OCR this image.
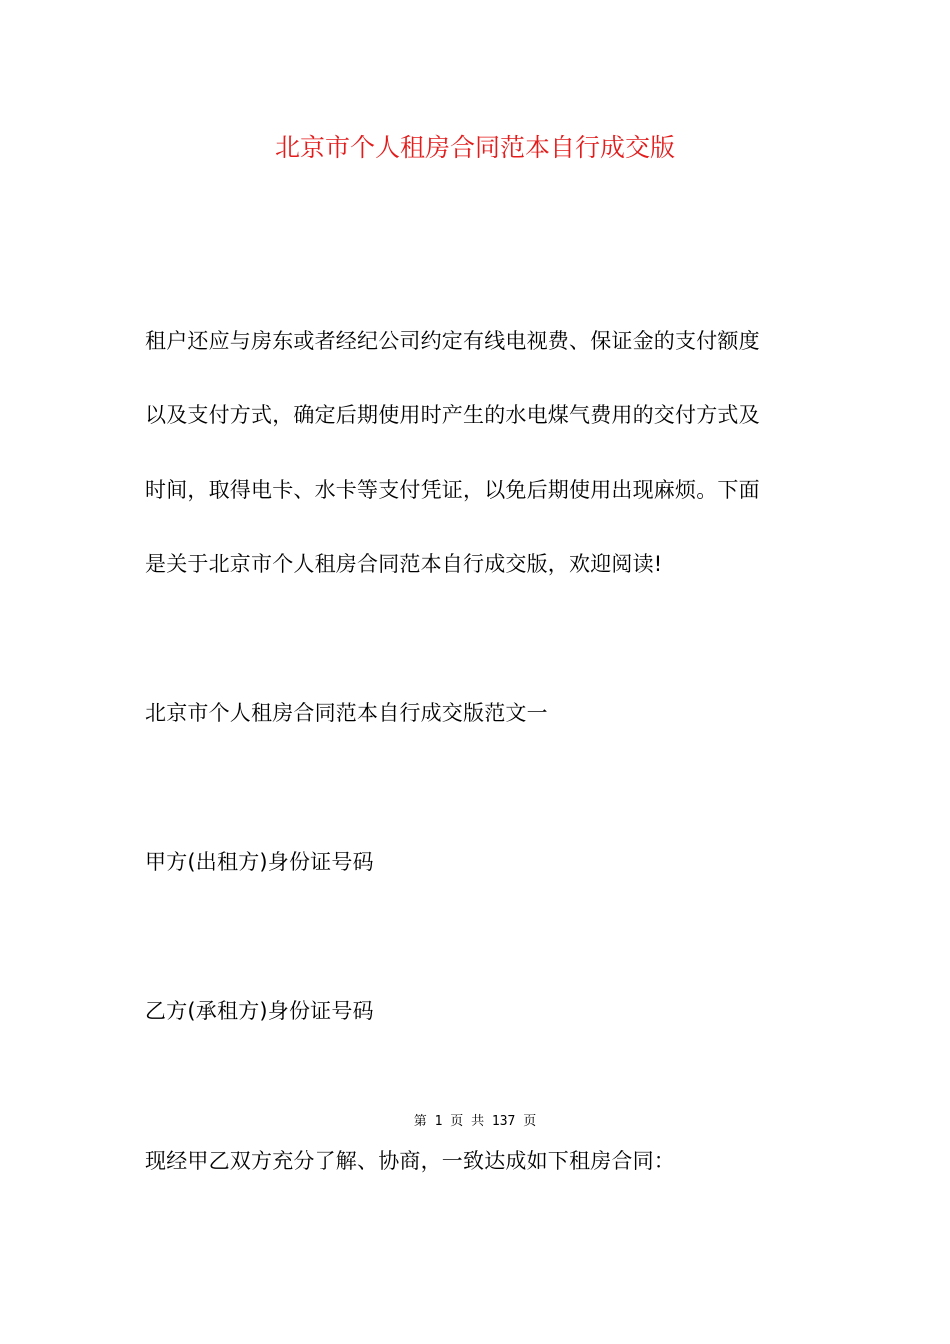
北京市个人租房合同范本自行成交版
租户还应与房东或者经纪公司约定有线电视费、保证金的支付额度
以及支付方式，确定后期使用时产生的水电煤气费用的交付方式及
时间，取得电卡、水卡等支付凭证，以免后期使用出现麻烦。下面
是关于北京市个人租房合同范本自行成交版，欢迎阅读!
北京市个人租房合同范本自行成交版范文一
甲方(出租方)身份证号码
乙方(承租方)身份证号码
第 1 页 共 137 页
现经甲乙双方充分了解、协商，一致达成如下租房合同：
